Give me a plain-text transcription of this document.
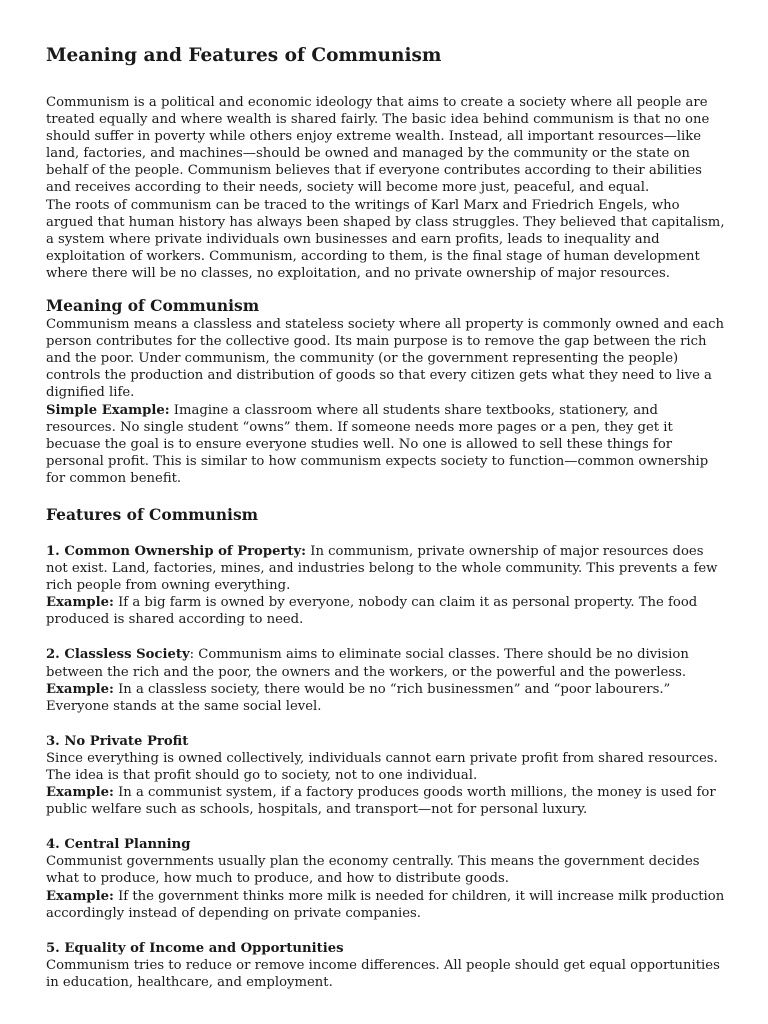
Meaning and Features of Communism

Communism is a political and economic ideology that aims to create a society where all people are treated equally and where wealth is shared fairly. The basic idea behind communism is that no one should suffer in poverty while others enjoy extreme wealth. Instead, all important resources—like land, factories, and machines—should be owned and managed by the community or the state on behalf of the people. Communism believes that if everyone contributes according to their abilities and receives according to their needs, society will become more just, peaceful, and equal.

The roots of communism can be traced to the writings of Karl Marx and Friedrich Engels, who argued that human history has always been shaped by class struggles. They believed that capitalism, a system where private individuals own businesses and earn profits, leads to inequality and exploitation of workers. Communism, according to them, is the final stage of human development where there will be no classes, no exploitation, and no private ownership of major resources.

Meaning of Communism

Communism means a classless and stateless society where all property is commonly owned and each person contributes for the collective good. Its main purpose is to remove the gap between the rich and the poor. Under communism, the community (or the government representing the people) controls the production and distribution of goods so that every citizen gets what they need to live a dignified life.

Simple Example: Imagine a classroom where all students share textbooks, stationery, and resources. No single student “owns” them. If someone needs more pages or a pen, they get it becuase the goal is to ensure everyone studies well. No one is allowed to sell these things for personal profit. This is similar to how communism expects society to function—common ownership for common benefit.

Features of Communism

1. Common Ownership of Property: In communism, private ownership of major resources does not exist. Land, factories, mines, and industries belong to the whole community. This prevents a few rich people from owning everything.

Example: If a big farm is owned by everyone, nobody can claim it as personal property. The food produced is shared according to need.

2. Classless Society: Communism aims to eliminate social classes. There should be no division between the rich and the poor, the owners and the workers, or the powerful and the powerless.

Example: In a classless society, there would be no “rich businessmen” and “poor labourers.” Everyone stands at the same social level.

3. No Private Profit

Since everything is owned collectively, individuals cannot earn private profit from shared resources. The idea is that profit should go to society, not to one individual.

Example: In a communist system, if a factory produces goods worth millions, the money is used for public welfare such as schools, hospitals, and transport—not for personal luxury.

4. Central Planning

Communist governments usually plan the economy centrally. This means the government decides what to produce, how much to produce, and how to distribute goods.

Example: If the government thinks more milk is needed for children, it will increase milk production accordingly instead of depending on private companies.

5. Equality of Income and Opportunities

Communism tries to reduce or remove income differences. All people should get equal opportunities in education, healthcare, and employment.
